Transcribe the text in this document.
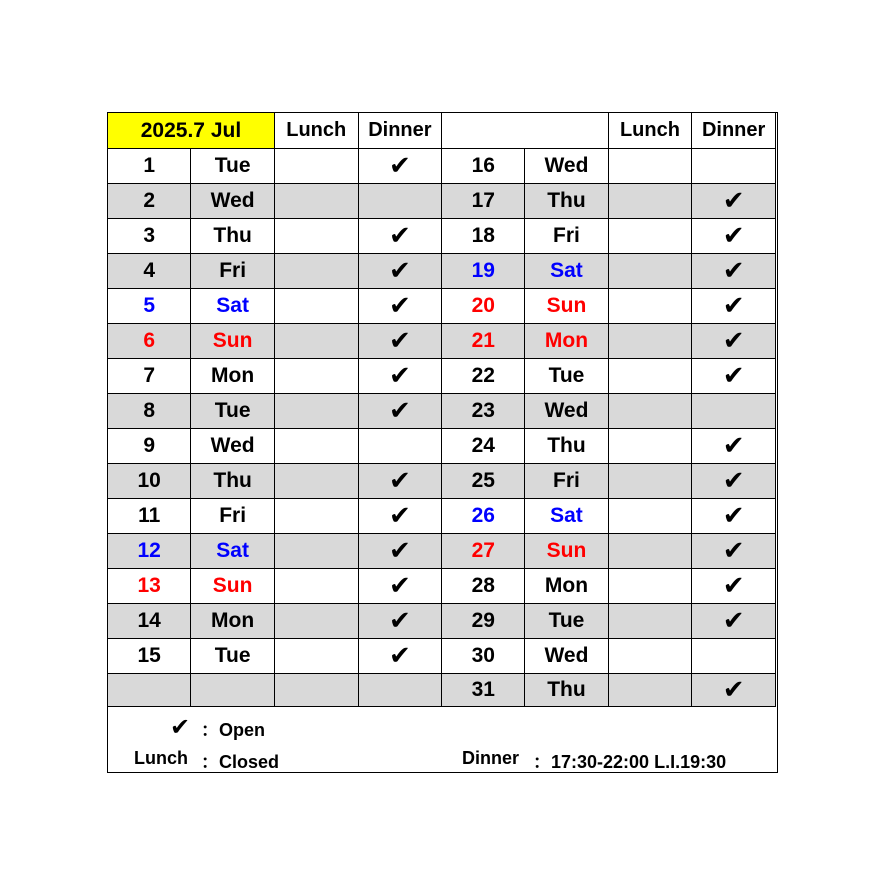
2025.7 Jul		Lunch	Dinner			Lunch	Dinner
1	Tue		✔	16	Wed		
2	Wed			17	Thu		✔
3	Thu		✔	18	Fri		✔
4	Fri		✔	19	Sat		✔
5	Sat		✔	20	Sun		✔
6	Sun		✔	21	Mon		✔
7	Mon		✔	22	Tue		✔
8	Tue		✔	23	Wed		
9	Wed			24	Thu		✔
10	Thu		✔	25	Fri		✔
11	Fri		✔	26	Sat		✔
12	Sat		✔	27	Sun		✔
13	Sun		✔	28	Mon		✔
14	Mon		✔	29	Tue		✔
15	Tue		✔	30	Wed		
				31	Thu		✔
✔ ：Open
Lunch ：Closed	Dinner ：17:30-22:00 L.I.19:30
